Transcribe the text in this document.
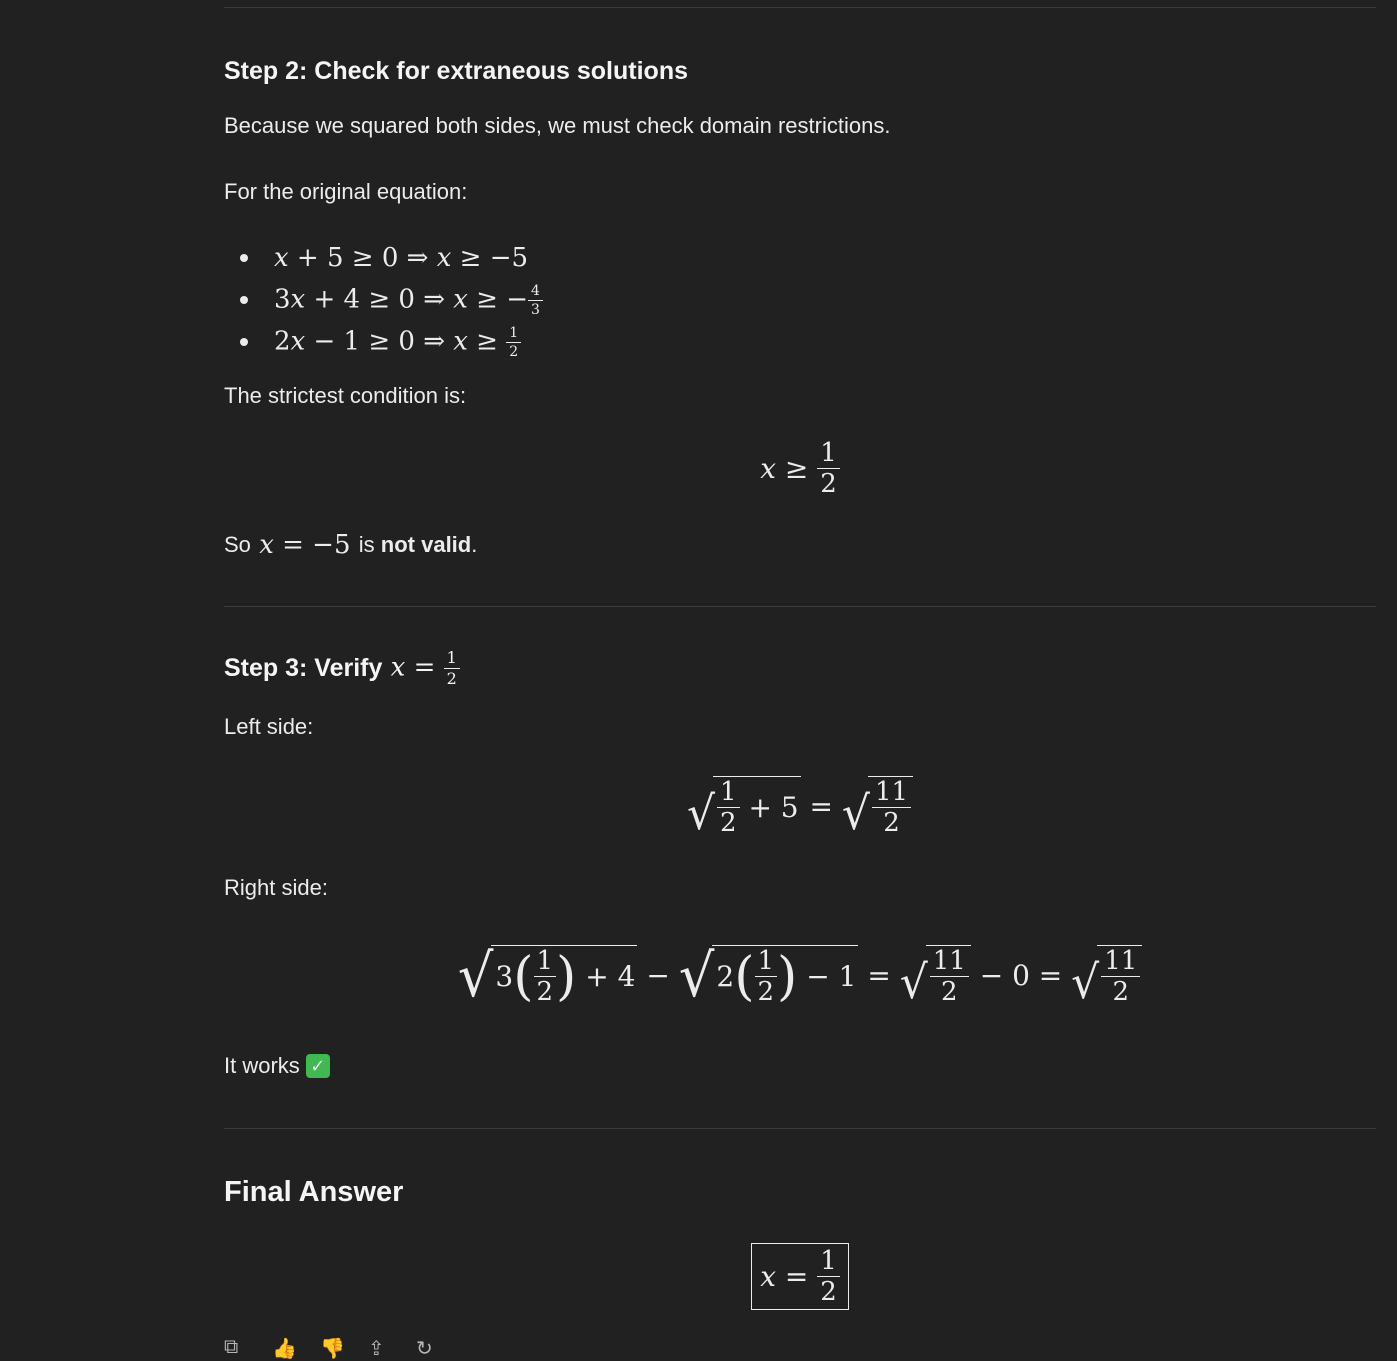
Step 2: Check for extraneous solutions

Because we squared both sides, we must check domain restrictions.

For the original equation:

x + 5 ≥ 0 ⇒ x ≥ −5
3x + 4 ≥ 0 ⇒ x ≥ − $\frac{4}{3}$
2x − 1 ≥ 0 ⇒ $x \ge \frac{1}{2}$

The strictest condition is:

$x \ge \frac{1}{2}$

So x = −5 is
not valid .

Step 3: Verify $x = \frac{1}{2}$

Left side:

√ $\frac{1}{2} + 5$ = √ $\frac{11}{2}$

Right side:

√ 3 ( $\frac{1}{2}$ ) + 4 − √ 2 ( $\frac{1}{2}$ ) − 1 = √ $\frac{11}{2} - 0$ = √ $\frac{11}{2}$

It works ✓

Final Answer
$x = \frac{1}{2}$
⧉	👍 👎 ⇪	↻
